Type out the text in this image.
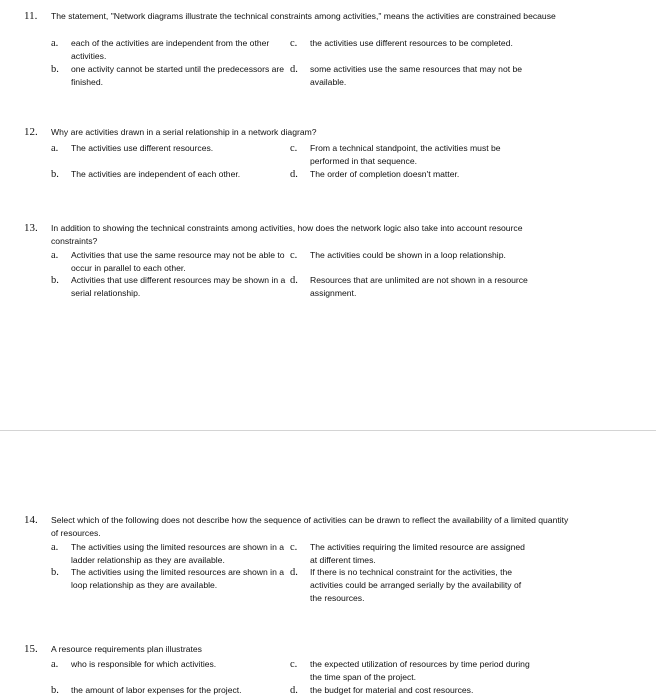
11. The statement, "Network diagrams illustrate the technical constraints among activities," means the activities are constrained because
a. each of the activities are independent from the other activities.
c. the activities use different resources to be completed.
b. one activity cannot be started until the predecessors are finished.
d. some activities use the same resources that may not be available.
12. Why are activities drawn in a serial relationship in a network diagram?
a. The activities use different resources.	c. From a technical standpoint, the activities must be performed in that sequence.
b. The activities are independent of each other.	d. The order of completion doesn't matter.
13. In addition to showing the technical constraints among activities, how does the network logic also take into account resource constraints?
a. Activities that use the same resource may not be able to occur in parallel to each other.
c. The activities could be shown in a loop relationship.
b. Activities that use different resources may be shown in a serial relationship.
d. Resources that are unlimited are not shown in a resource assignment.
14. Select which of the following does not describe how the sequence of activities can be drawn to reflect the availability of a limited quantity of resources.
a. The activities using the limited resources are shown in a ladder relationship as they are available.
c. The activities requiring the limited resource are assigned at different times.
b. The activities using the limited resources are shown in a loop relationship as they are available.
d. If there is no technical constraint for the activities, the activities could be arranged serially by the availability of the resources.
15. A resource requirements plan illustrates
a. who is responsible for which activities.	c. the expected utilization of resources by time period during the time span of the project.
b. the amount of labor expenses for the project.	d. the budget for material and cost resources.
